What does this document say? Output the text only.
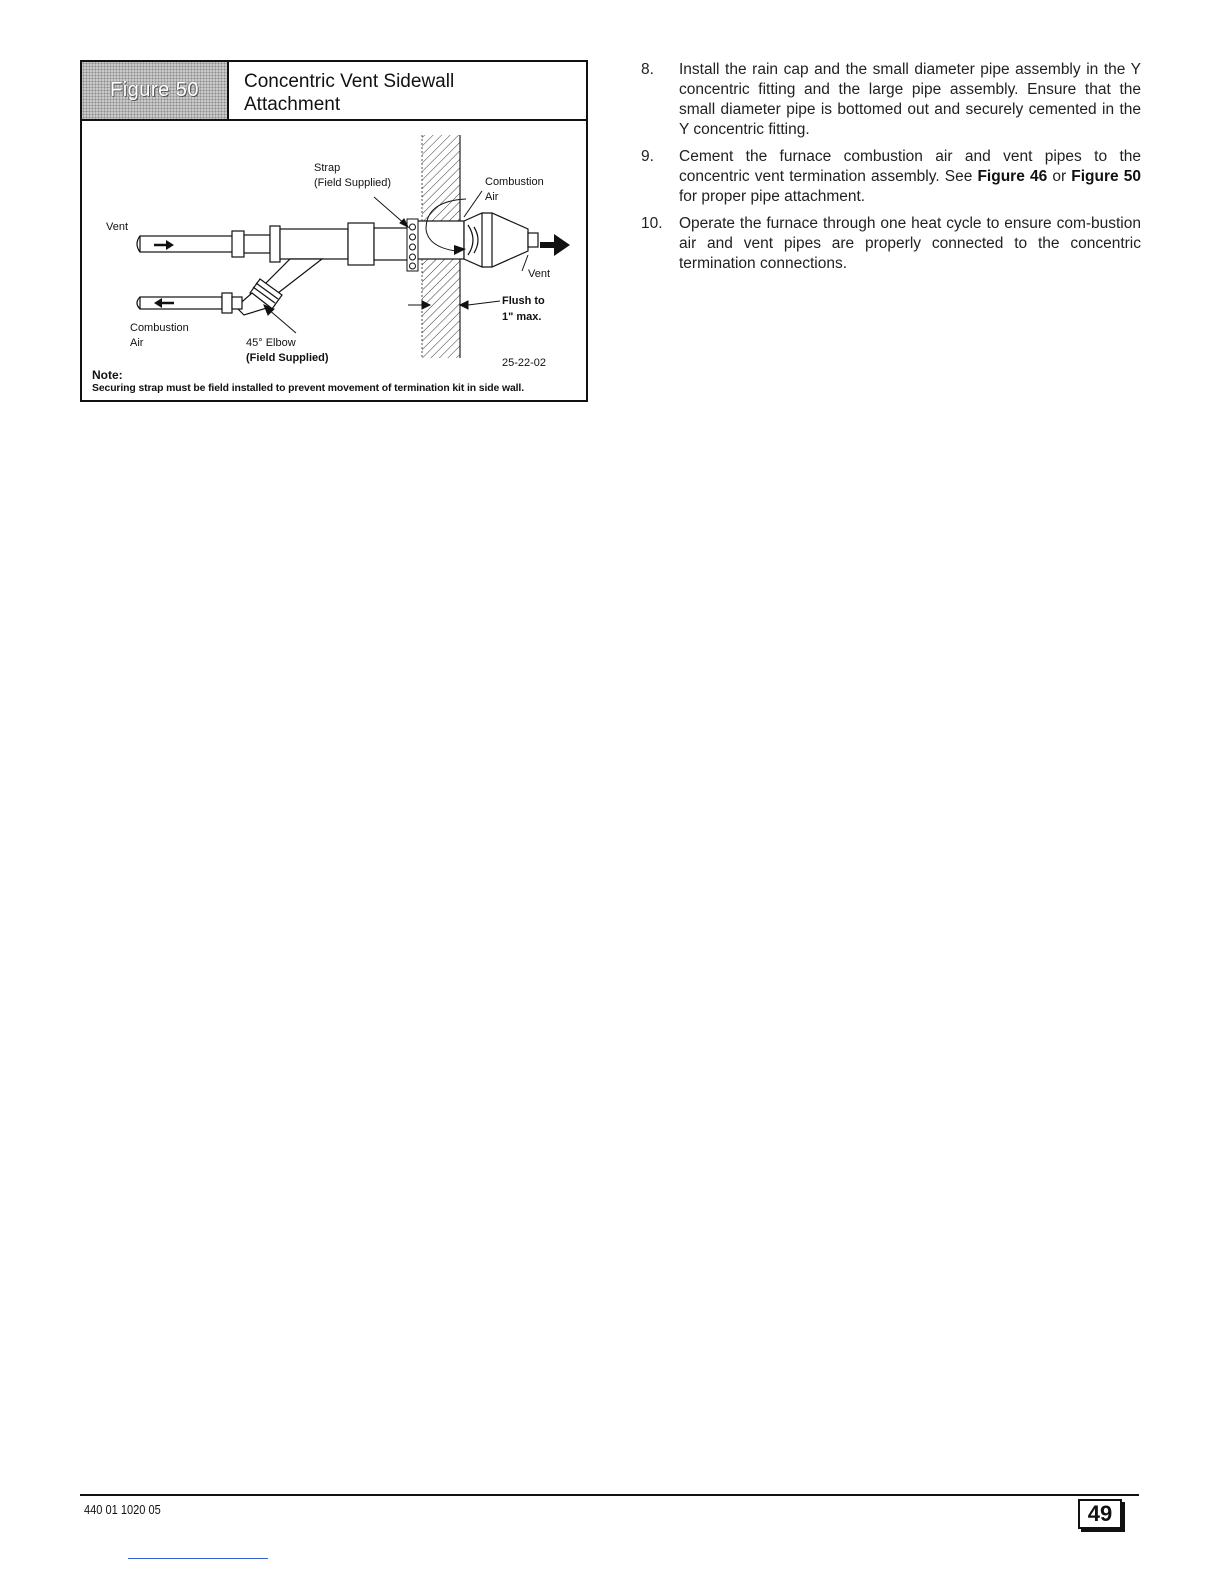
Figure 50	Concentric Vent Sidewall
Attachment
Vent
Strap
(Field Supplied)	Combustion
Air
Vent
Flush to
1" max.
Combustion
Air	45° Elbow
(Field Supplied)	25-22-02
Note:
Securing strap must be field installed to prevent movement of termination kit in side wall.
8. Install the rain cap and the small diameter pipe assembly in the Y concentric fitting and the large pipe assembly. Ensure that the small diameter pipe is bottomed out and securely cemented in the Y concentric fitting.
9. Cement the furnace combustion air and vent pipes to the concentric vent termination assembly. See Figure 46 or Figure 50 for proper pipe attachment.
10. Operate the furnace through one heat cycle to ensure com-bustion air and vent pipes are properly connected to the concentric termination connections.
440 01 1020 05	49
